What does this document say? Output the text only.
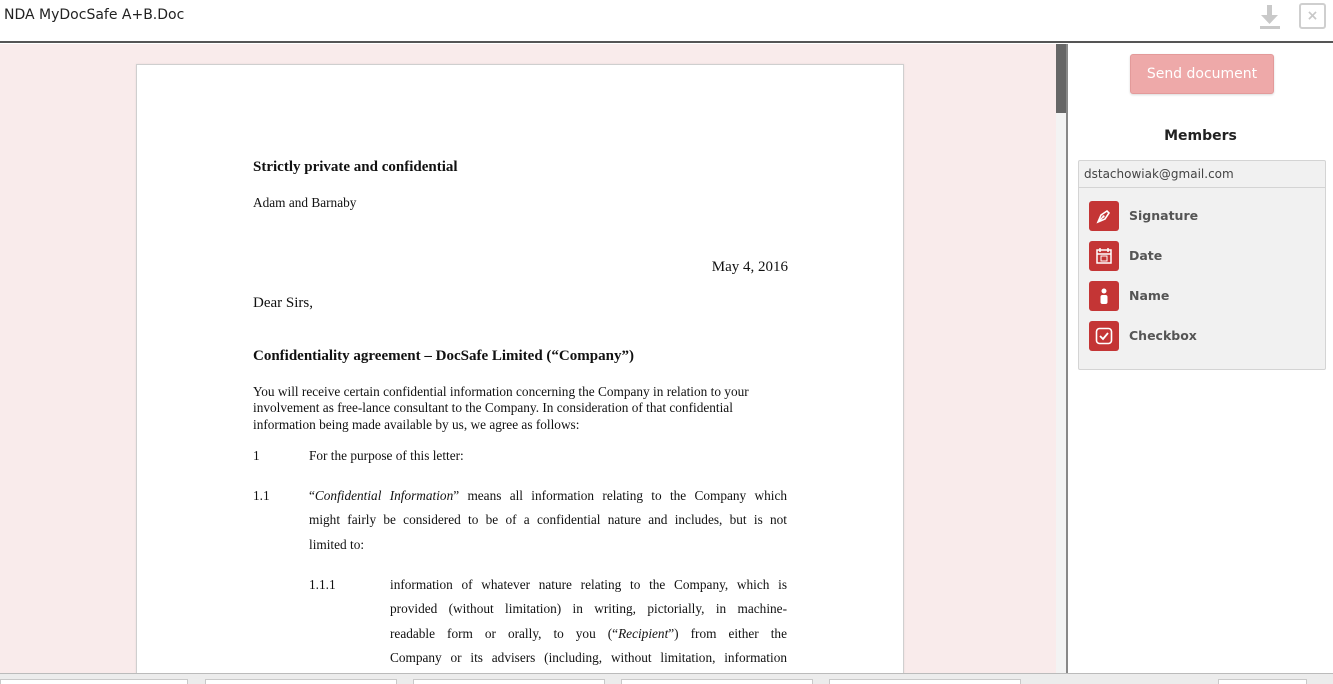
NDA MyDocSafe A+B.Doc	×
Strictly private and confidential
Adam and Barnaby
May 4, 2016
Dear Sirs,
Confidentiality agreement – DocSafe Limited (“Company”)
You will receive certain confidential information concerning the Company in relation to your
involvement as free-lance consultant to the Company. In consideration of that confidential
information being made available by us, we agree as follows:
1	For the purpose of this letter:
1.1	“Confidential Information” means all information relating to the Company which
might fairly be considered to be of a confidential nature and includes, but is not
limited to:
1.1.1	information of whatever nature relating to the Company, which is
provided (without limitation) in writing, pictorially, in machine-
readable form or orally, to you (“Recipient”) from either the
Company or its advisers (including, without limitation, information
Send document
Members
dstachowiak@gmail.com
Signature
Date
Name
Checkbox
